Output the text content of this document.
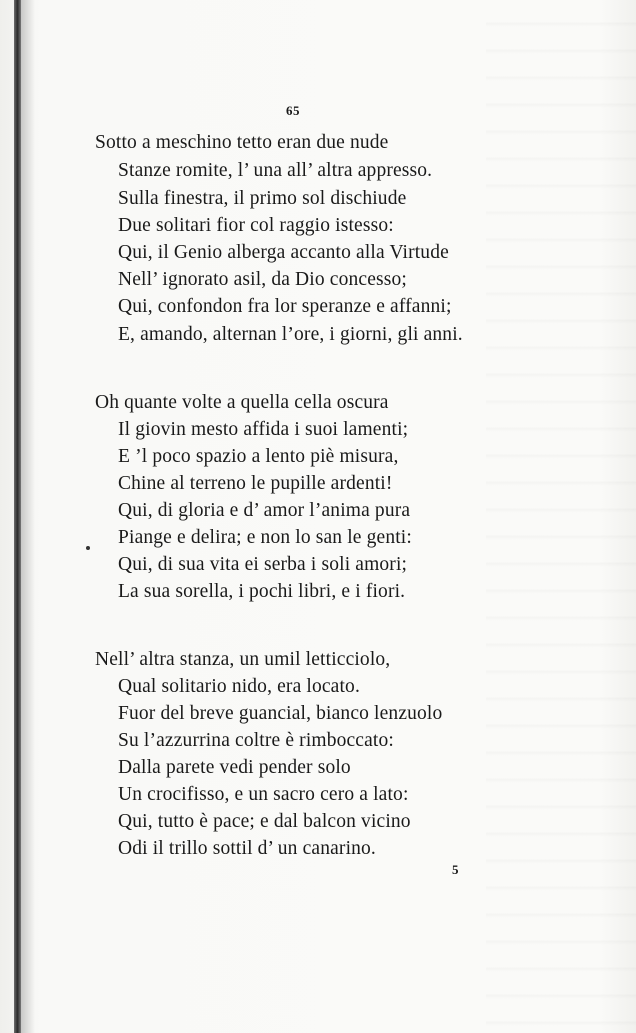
65
Sotto a meschino tetto eran due nude
Stanze romite, l’ una all’ altra appresso.
Sulla finestra, il primo sol dischiude
Due solitari fior col raggio istesso:
Qui, il Genio alberga accanto alla Virtude
Nell’ ignorato asil, da Dio concesso;
Qui, confondon fra lor speranze e affanni;
E, amando, alternan l’ore, i giorni, gli anni.
Oh quante volte a quella cella oscura
Il giovin mesto affida i suoi lamenti;
E ’l poco spazio a lento piè misura,
Chine al terreno le pupille ardenti!
Qui, di gloria e d’ amor l’anima pura
Piange e delira; e non lo san le genti:
Qui, di sua vita ei serba i soli amori;
La sua sorella, i pochi libri, e i fiori.
Nell’ altra stanza, un umil letticciolo,
Qual solitario nido, era locato.
Fuor del breve guancial, bianco lenzuolo
Su l’azzurrina coltre è rimboccato:
Dalla parete vedi pender solo
Un crocifisso, e un sacro cero a lato:
Qui, tutto è pace; e dal balcon vicino
Odi il trillo sottil d’ un canarino.
5
